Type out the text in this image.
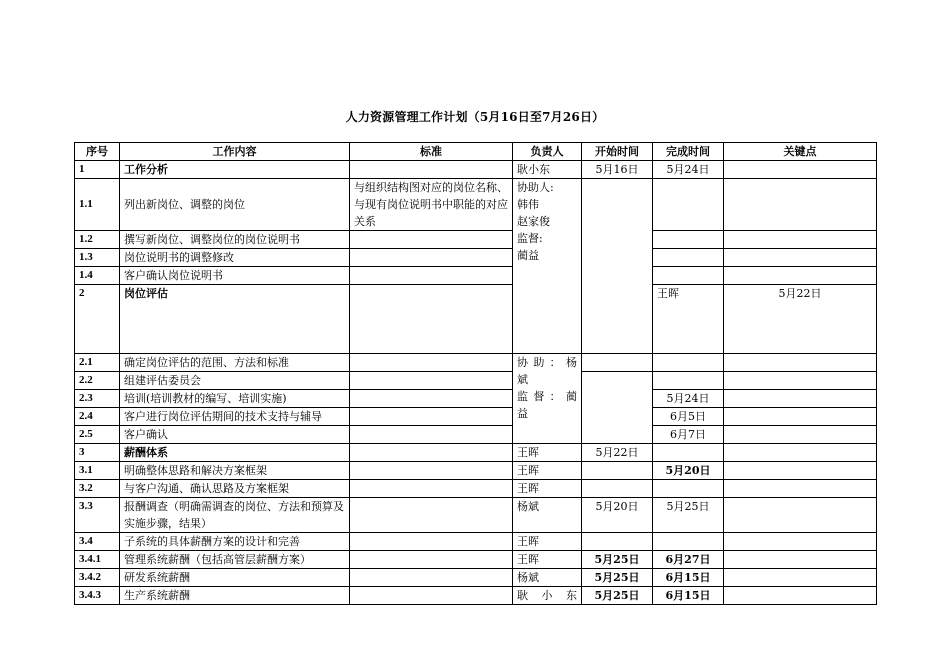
人力资源管理工作计划（5月16日至7月26日）
序号	工作内容	标准	负责人	开始时间	完成时间	关键点	
1	工作分析		耿小东	5月16日	5月24日		
1.1	列出新岗位、调整的岗位	与组织结构图对应的岗位名称、与现有岗位说明书中职能的对应关系	协助人:
韩伟
赵家俊
监督:
蔺益				
1.2	撰写新岗位、调整岗位的岗位说明书						
1.3	岗位说明书的调整修改						
1.4	客户确认岗位说明书						
2	岗位评估				王晖	5月22日		
2.1	确定岗位评估的范围、方法和标准		协 助 ： 杨
斌
监 督 ： 蔺
益				
2.2	组建评估委员会						
2.3	培训(培训教材的编写、培训实施)				5月24日		
2.4	客户进行岗位评估期间的技术支持与辅导				6月5日		
2.5	客户确认				6月7日		
3	薪酬体系		王晖	5月22日			
3.1	明确整体思路和解决方案框架		王晖		5月20日		
3.2	与客户沟通、确认思路及方案框架		王晖				
3.3	报酬调查（明确需调查的岗位、方法和预算及实施步骤，结果）		杨斌	5月20日	5月25日		
3.4	子系统的具体薪酬方案的设计和完善		王晖				
3.4.1	管理系统薪酬（包括高管层薪酬方案）		王晖	5月25日	6月27日		
3.4.2	研发系统薪酬		杨斌	5月25日	6月15日		
3.4.3	生产系统薪酬		耿小东	5月25日	6月15日		
